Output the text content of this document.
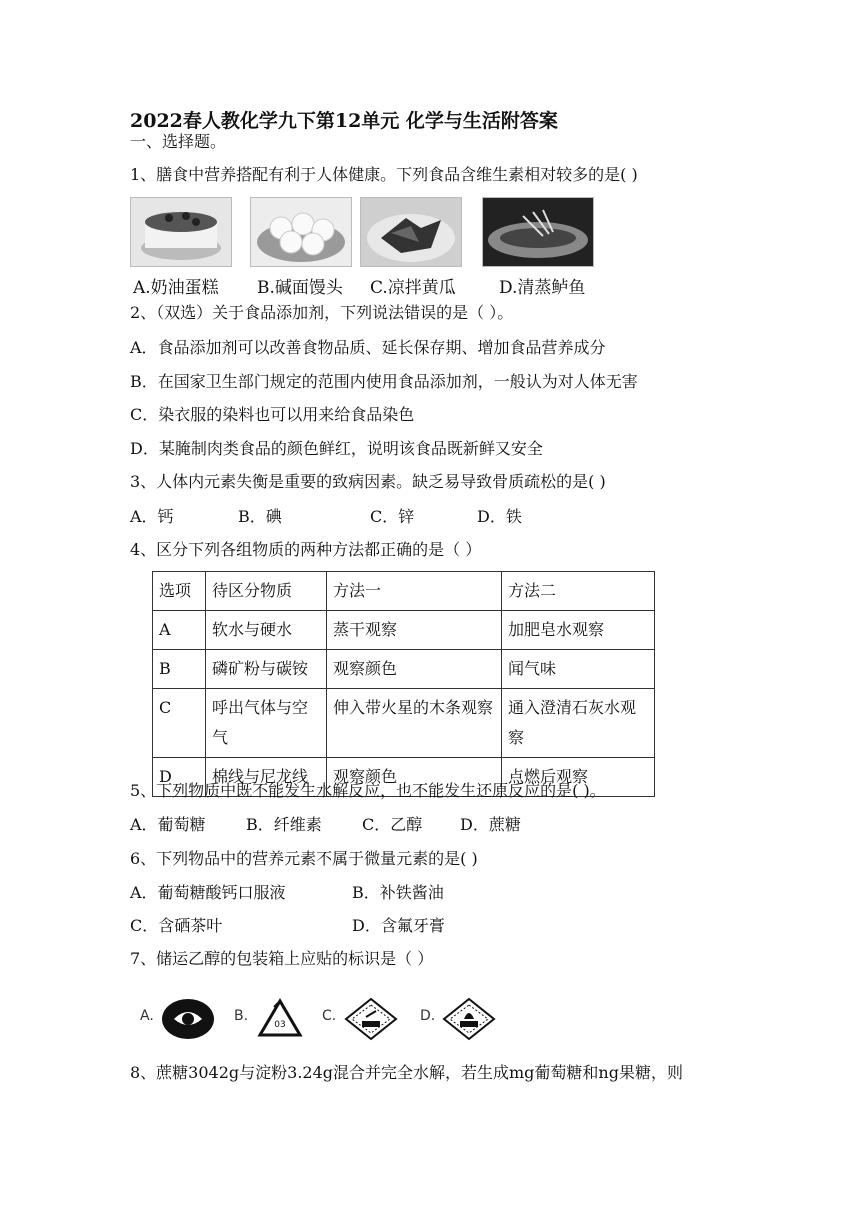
2022春人教化学九下第12单元 化学与生活附答案
一、选择题。
1、膳食中营养搭配有利于人体健康。下列食品含维生素相对较多的是( )
A.奶油蛋糕 B.碱面馒头 C.凉拌黄瓜	D.清蒸鲈鱼
2、（双选）关于食品添加剂，下列说法错误的是（ ）。
A．食品添加剂可以改善食物品质、延长保存期、增加食品营养成分
B．在国家卫生部门规定的范围内使用食品添加剂，一般认为对人体无害
C．染衣服的染料也可以用来给食品染色
D．某腌制肉类食品的颜色鲜红，说明该食品既新鲜又安全
3、人体内元素失衡是重要的致病因素。缺乏易导致骨质疏松的是( )
A．钙	B．碘	C．锌	D．铁
4、区分下列各组物质的两种方法都正确的是（ ）
选项	待区分物质	方法一	方法二
A	软水与硬水	蒸干观察	加肥皂水观察
B	磷矿粉与碳铵	观察颜色	闻气味
C	呼出气体与空气	伸入带火星的木条观察	通入澄清石灰水观察
D	棉线与尼龙线	观察颜色	点燃后观察
5、下列物质中既不能发生水解反应，也不能发生还原反应的是( )。
A．葡萄糖	B．纤维素	C．乙醇 D．蔗糖
6、下列物品中的营养元素不属于微量元素的是( )
A．葡萄糖酸钙口服液	B．补铁酱油
C．含硒茶叶	D．含氟牙膏
7、储运乙醇的包装箱上应贴的标识是（ ）
A.	B.
03
C.	D.
8、蔗糖3042g与淀粉3.24g混合并完全水解，若生成mg葡萄糖和ng果糖，则
